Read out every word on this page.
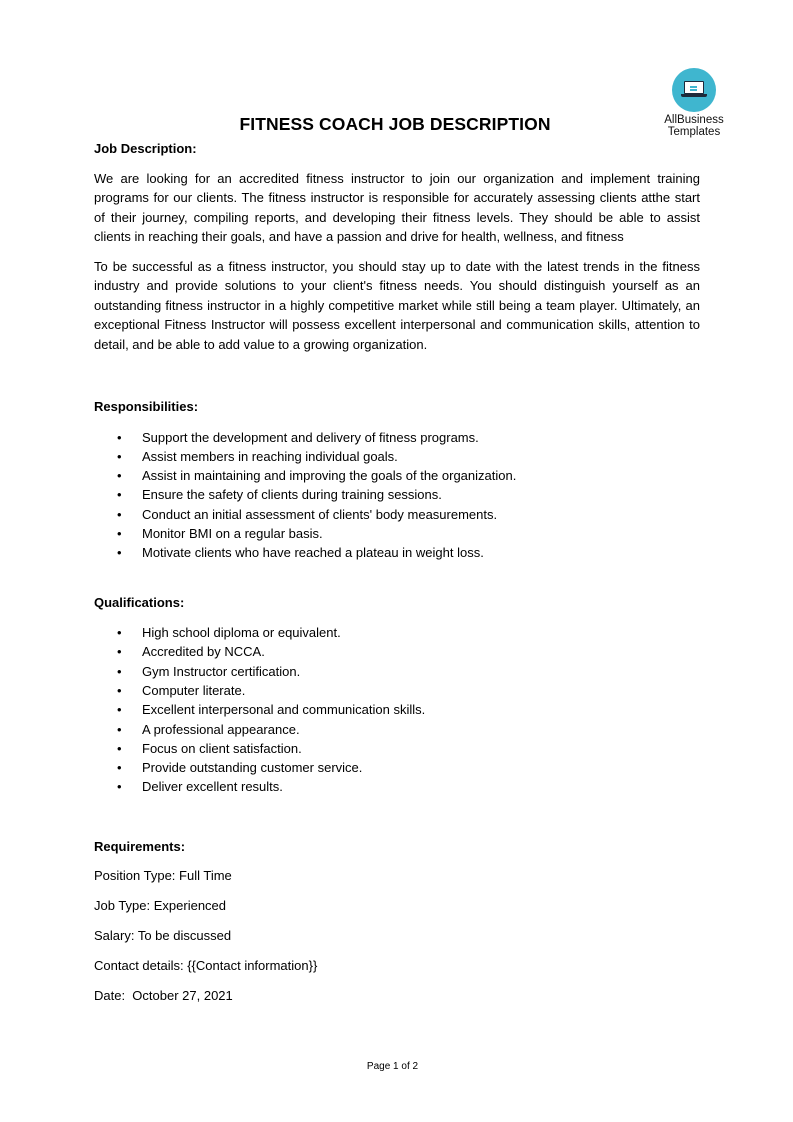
AllBusiness
Templates
FITNESS COACH JOB DESCRIPTION

Job Description:

We are looking for an accredited fitness instructor to join our organization and implement training programs for our clients. The fitness instructor is responsible for accurately assessing clients atthe start of their journey, compiling reports, and developing their fitness levels. They should be able to assist clients in reaching their goals, and have a passion and drive for health, wellness, and fitness

To be successful as a fitness instructor, you should stay up to date with the latest trends in the fitness industry and provide solutions to your client's fitness needs. You should distinguish yourself as an outstanding fitness instructor in a highly competitive market while still being a team player. Ultimately, an exceptional Fitness Instructor will possess excellent interpersonal and communication skills, attention to detail, and be able to add value to a growing organization.

Responsibilities:

• Support the development and delivery of fitness programs.
• Assist members in reaching individual goals.
• Assist in maintaining and improving the goals of the organization.
• Ensure the safety of clients during training sessions.
• Conduct an initial assessment of clients' body measurements.
• Monitor BMI on a regular basis.
• Motivate clients who have reached a plateau in weight loss.

Qualifications:

• High school diploma or equivalent.
• Accredited by NCCA.
• Gym Instructor certification.
• Computer literate.
• Excellent interpersonal and communication skills.
• A professional appearance.
• Focus on client satisfaction.
• Provide outstanding customer service.
• Deliver excellent results.

Requirements:

Position Type: Full Time

Job Type: Experienced

Salary: To be discussed

Contact details: {{Contact information}}

Date:  October 27, 2021

Page 1 of 2
